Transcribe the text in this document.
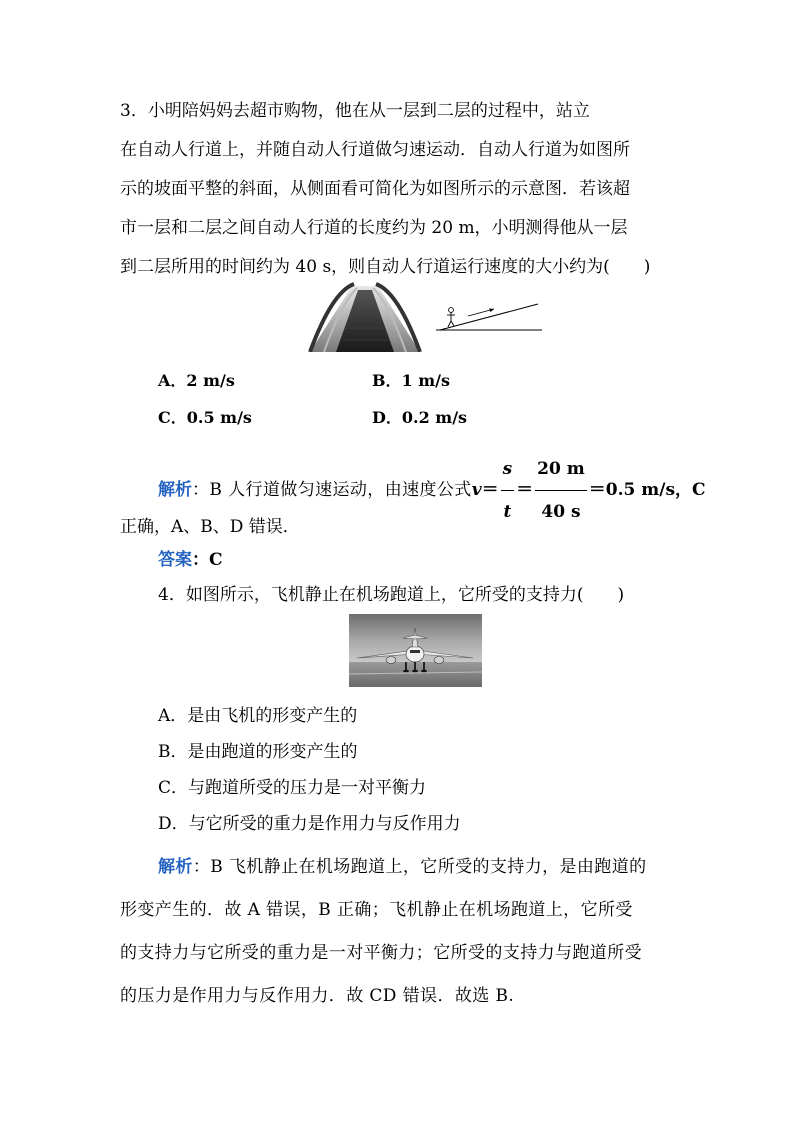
3．小明陪妈妈去超市购物，他在从一层到二层的过程中，站立
在自动人行道上，并随自动人行道做匀速运动．自动人行道为如图所
示的坡面平整的斜面，从侧面看可简化为如图所示的示意图．若该超
市一层和二层之间自动人行道的长度约为 20 m，小明测得他从一层
到二层所用的时间约为 40 s，则自动人行道运行速度的大小约为(　　)
A．2 m/s	B．1 m/s
C．0.5 m/s	D．0.2 m/s
解析：B 人行道做匀速运动，由速度公式$v= \frac{s}{t} = \frac{20 m}{40 s} =0.5$ m/s，C
正确，A、B、D 错误．
答案：C
4．如图所示，飞机静止在机场跑道上，它所受的支持力(　　)
A．是由飞机的形变产生的
B．是由跑道的形变产生的
C．与跑道所受的压力是一对平衡力
D．与它所受的重力是作用力与反作用力
解析：B 飞机静止在机场跑道上，它所受的支持力，是由跑道的
形变产生的．故 A 错误，B 正确；飞机静止在机场跑道上，它所受
的支持力与它所受的重力是一对平衡力；它所受的支持力与跑道所受
的压力是作用力与反作用力．故 CD 错误．故选 B.
